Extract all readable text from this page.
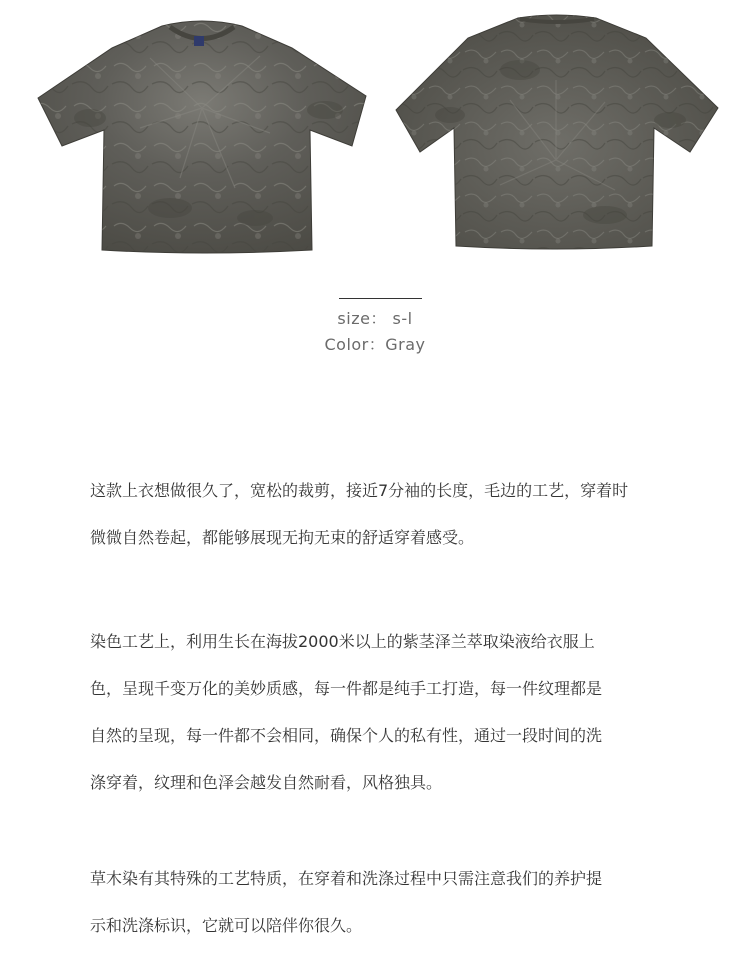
size： s-l
Color：Gray

这款上衣想做很久了，宽松的裁剪，接近7分袖的长度，毛边的工艺，穿着时
微微自然卷起，都能够展现无拘无束的舒适穿着感受。

染色工艺上，利用生长在海拔2000米以上的紫茎泽兰萃取染液给衣服上
色，呈现千变万化的美妙质感，每一件都是纯手工打造，每一件纹理都是
自然的呈现，每一件都不会相同，确保个人的私有性，通过一段时间的洗
涤穿着，纹理和色泽会越发自然耐看，风格独具。

草木染有其特殊的工艺特质，在穿着和洗涤过程中只需注意我们的养护提
示和洗涤标识，它就可以陪伴你很久。
